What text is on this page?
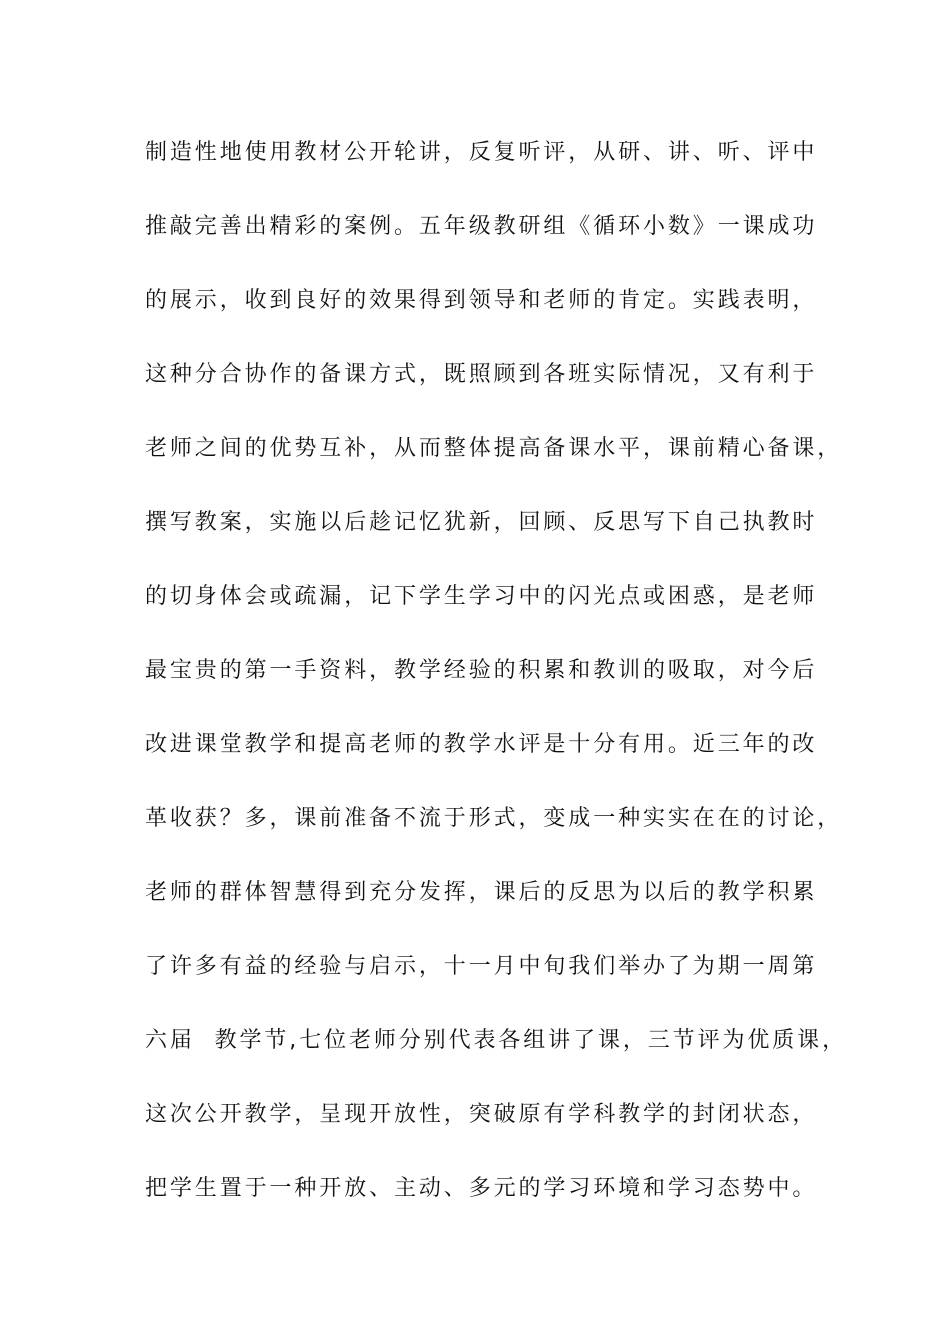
制造性地使用教材公开轮讲，反复听评，从研、讲、听、评中
推敲完善出精彩的案例。五年级教研组《循环小数》一课成功
的展示，收到良好的效果得到领导和老师的肯定。实践表明，
这种分合协作的备课方式，既照顾到各班实际情况，又有利于
老师之间的优势互补，从而整体提高备课水平，课前精心备课，
撰写教案，实施以后趁记忆犹新，回顾、反思写下自己执教时
的切身体会或疏漏，记下学生学习中的闪光点或困惑，是老师
最宝贵的第一手资料，教学经验的积累和教训的吸取，对今后
改进课堂教学和提高老师的教学水评是十分有用。近三年的改
革收获？多，课前准备不流于形式，变成一种实实在在的讨论，
老师的群体智慧得到充分发挥，课后的反思为以后的教学积累
了许多有益的经验与启示，十一月中旬我们举办了为期一周第
六届  教学节,七位老师分别代表各组讲了课，三节评为优质课，
这次公开教学，呈现开放性，突破原有学科教学的封闭状态，
把学生置于一种开放、主动、多元的学习环境和学习态势中。
